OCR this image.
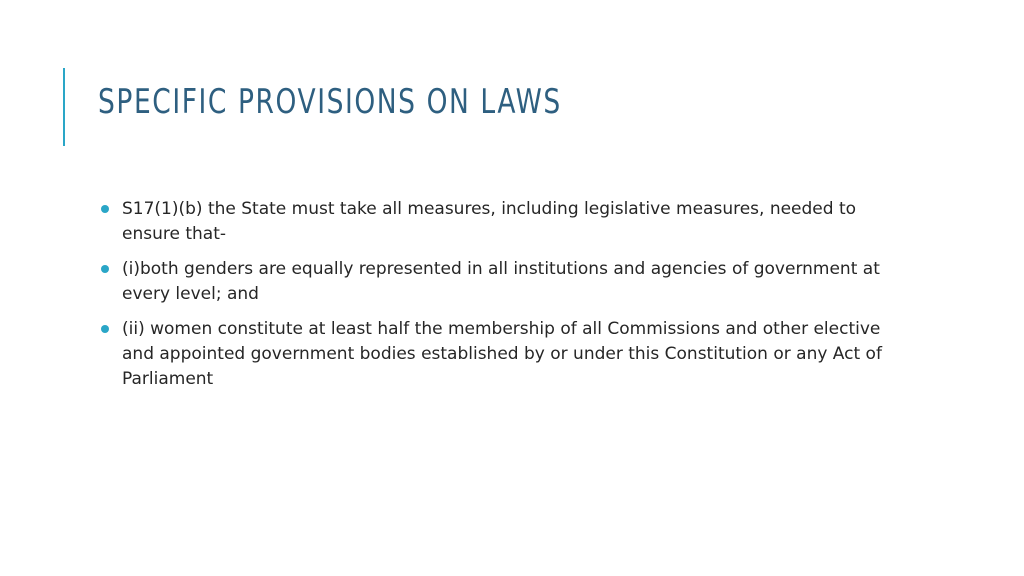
SPECIFIC PROVISIONS ON LAWS
S17(1)(b) the State must take all measures, including legislative measures, needed to ensure that-
(i)both genders are equally represented in all institutions and agencies of government at every level; and
(ii) women constitute at least half the membership of all Commissions and other elective and appointed government bodies established by or under this Constitution or any Act of Parliament
